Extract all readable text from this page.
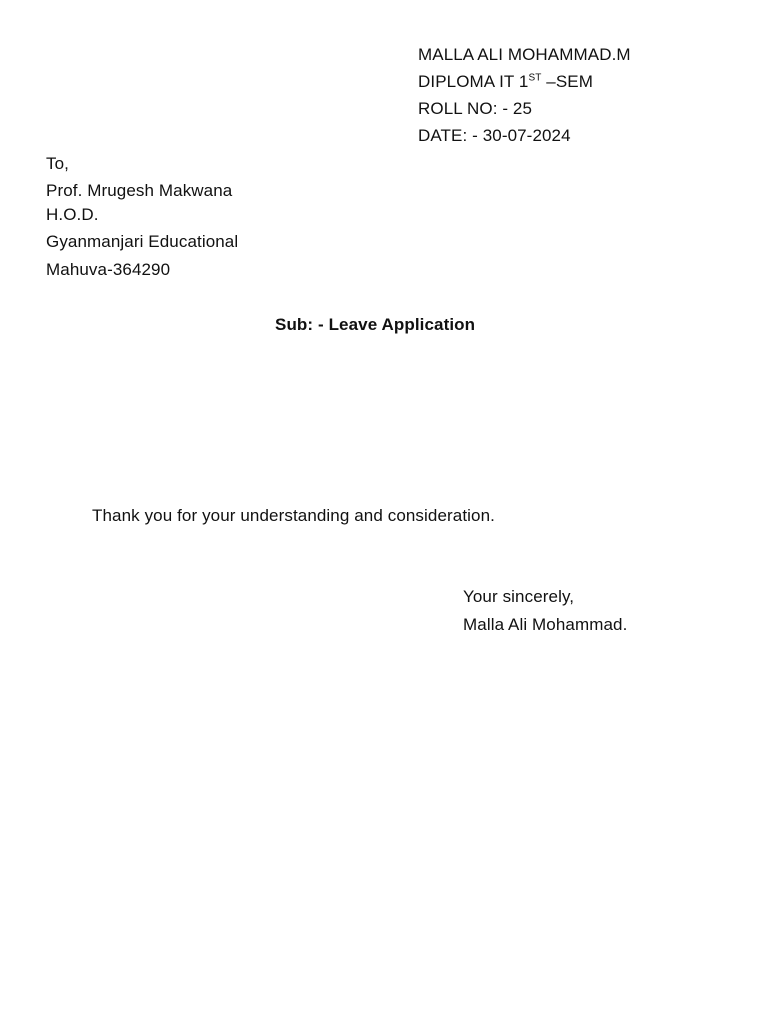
MALLA ALI MOHAMMAD.M
DIPLOMA IT 1ST –SEM
ROLL NO: - 25
DATE: - 30-07-2024
To,
Prof. Mrugesh Makwana
H.O.D.
Gyanmanjari Educational
Mahuva-364290
Sub: - Leave Application
Thank you for your understanding and consideration.
Your sincerely,
Malla Ali Mohammad.
